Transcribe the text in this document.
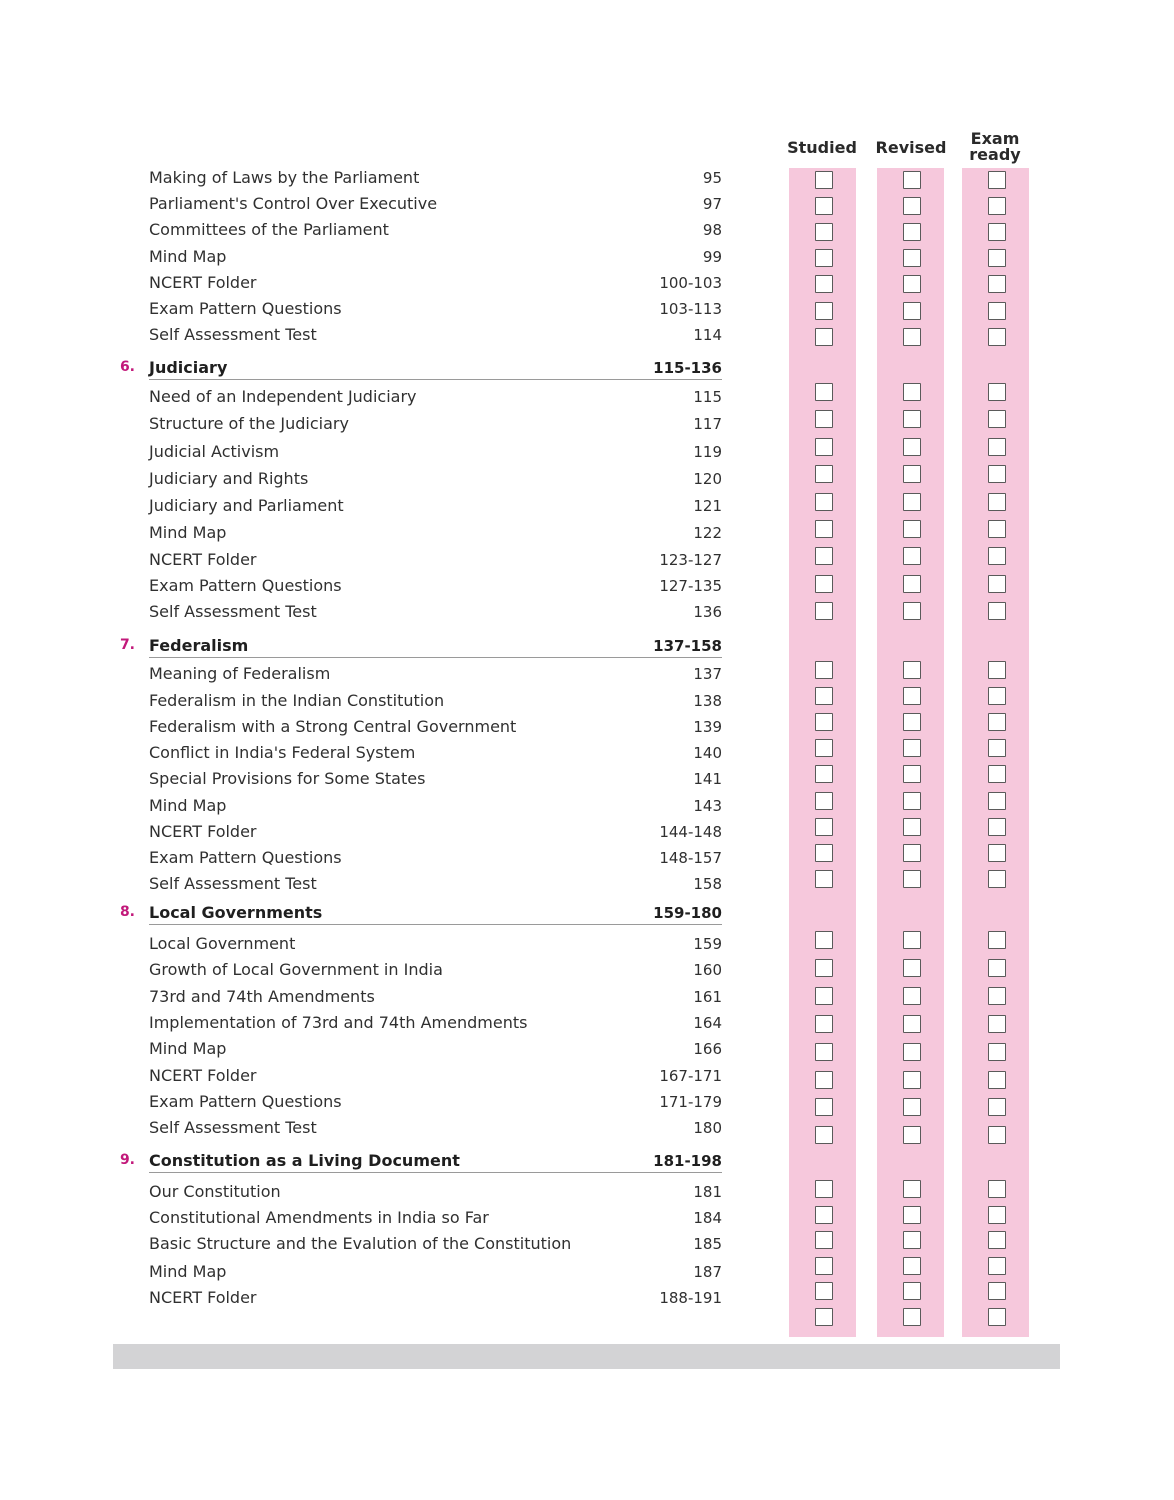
Studied	Revised	Exam
ready
Making of Laws by the Parliament	95
Parliament's Control Over Executive	97
Committees of the Parliament	98
Mind Map	99
NCERT Folder	100-103
Exam Pattern Questions	103-113
Self Assessment Test	114
6. Judiciary	115-136
Need of an Independent Judiciary	115
Structure of the Judiciary	117
Judicial Activism	119
Judiciary and Rights	120
Judiciary and Parliament	121
Mind Map	122
NCERT Folder	123-127
Exam Pattern Questions	127-135
Self Assessment Test	136
7. Federalism	137-158
Meaning of Federalism	137
Federalism in the Indian Constitution	138
Federalism with a Strong Central Government	139
Conflict in India's Federal System	140
Special Provisions for Some States	141
Mind Map	143
NCERT Folder	144-148
Exam Pattern Questions	148-157
Self Assessment Test	158
8. Local Governments	159-180
Local Government	159
Growth of Local Government in India	160
73rd and 74th Amendments	161
Implementation of 73rd and 74th Amendments	164
Mind Map	166
NCERT Folder	167-171
Exam Pattern Questions	171-179
Self Assessment Test	180
9. Constitution as a Living Document	181-198
Our Constitution	181
Constitutional Amendments in India so Far	184
Basic Structure and the Evalution of the Constitution	185
Mind Map	187
NCERT Folder	188-191
